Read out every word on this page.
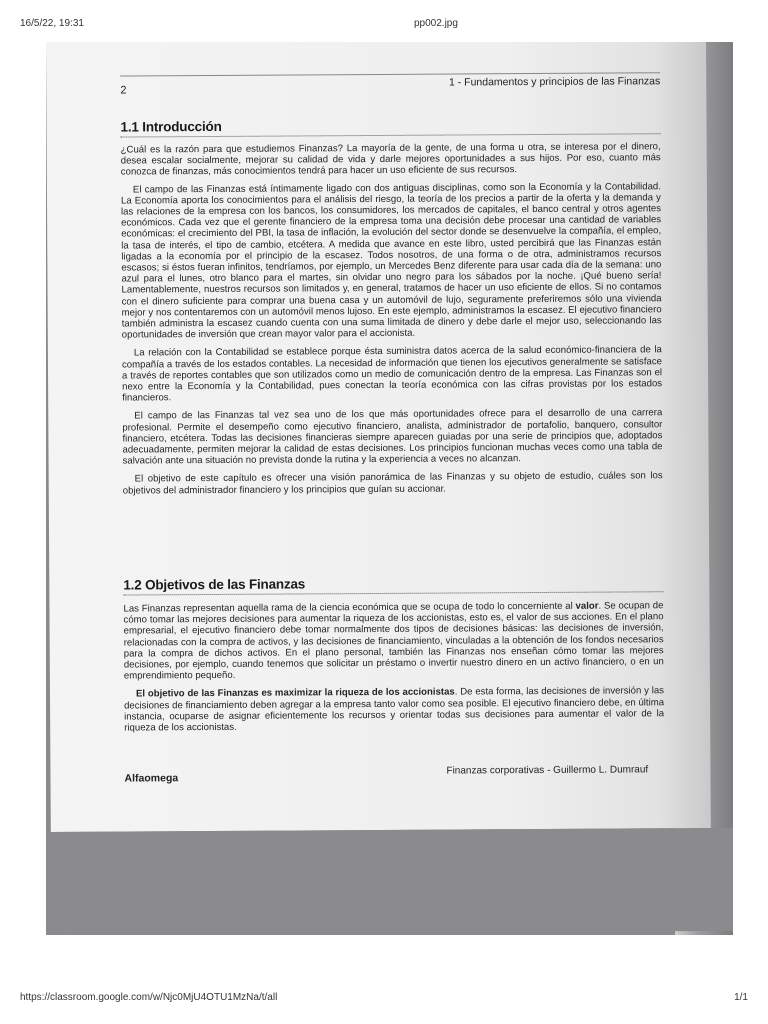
16/5/22, 19:31	pp002.jpg
2
1 - Fundamentos y principios de las Finanzas
1.1 Introducción

¿Cuál es la razón para que estudiemos Finanzas? La mayoría de la gente, de una forma u otra, se interesa por el dinero, desea escalar socialmente, mejorar su calidad de vida y darle mejores oportunidades a sus hijos. Por eso, cuanto más conozca de finanzas, más conocimientos tendrá para hacer un uso eficiente de sus recursos.

El campo de las Finanzas está íntimamente ligado con dos antiguas disciplinas, como son la Economía y la Contabilidad. La Economía aporta los conocimientos para el análisis del riesgo, la teoría de los precios a partir de la oferta y la demanda y las relaciones de la empresa con los bancos, los consumidores, los mercados de capitales, el banco central y otros agentes económicos. Cada vez que el gerente financiero de la empresa toma una decisión debe procesar una cantidad de variables económicas: el crecimiento del PBI, la tasa de inflación, la evolución del sector donde se desenvuelve la compañía, el empleo, la tasa de interés, el tipo de cambio, etcétera. A medida que avance en este libro, usted percibirá que las Finanzas están ligadas a la economía por el principio de la escasez. Todos nosotros, de una forma o de otra, administramos recursos escasos; si éstos fueran infinitos, tendríamos, por ejemplo, un Mercedes Benz diferente para usar cada día de la semana: uno azul para el lunes, otro blanco para el martes, sin olvidar uno negro para los sábados por la noche. ¡Qué bueno sería! Lamentablemente, nuestros recursos son limitados y, en general, tratamos de hacer un uso eficiente de ellos. Si no contamos con el dinero suficiente para comprar una buena casa y un automóvil de lujo, seguramente preferiremos sólo una vivienda mejor y nos contentaremos con un automóvil menos lujoso. En este ejemplo, administramos la escasez. El ejecutivo financiero también administra la escasez cuando cuenta con una suma limitada de dinero y debe darle el mejor uso, seleccionando las oportunidades de inversión que crean mayor valor para el accionista.

La relación con la Contabilidad se establece porque ésta suministra datos acerca de la salud económico-financiera de la compañía a través de los estados contables. La necesidad de información que tienen los ejecutivos generalmente se satisface a través de reportes contables que son utilizados como un medio de comunicación dentro de la empresa. Las Finanzas son el nexo entre la Economía y la Contabilidad, pues conectan la teoría económica con las cifras provistas por los estados financieros.

El campo de las Finanzas tal vez sea uno de los que más oportunidades ofrece para el desarrollo de una carrera profesional. Permite el desempeño como ejecutivo financiero, analista, administrador de portafolio, banquero, consultor financiero, etcétera. Todas las decisiones financieras siempre aparecen guiadas por una serie de principios que, adoptados adecuadamente, permiten mejorar la calidad de estas decisiones. Los principios funcionan muchas veces como una tabla de salvación ante una situación no prevista donde la rutina y la experiencia a veces no alcanzan.

El objetivo de este capítulo es ofrecer una visión panorámica de las Finanzas y su objeto de estudio, cuáles son los objetivos del administrador financiero y los principios que guían su accionar.

1.2 Objetivos de las Finanzas

Las Finanzas representan aquella rama de la ciencia económica que se ocupa de todo lo concerniente al valor. Se ocupan de cómo tomar las mejores decisiones para aumentar la riqueza de los accionistas, esto es, el valor de sus acciones. En el plano empresarial, el ejecutivo financiero debe tomar normalmente dos tipos de decisiones básicas: las decisiones de inversión, relacionadas con la compra de activos, y las decisiones de financiamiento, vinculadas a la obtención de los fondos necesarios para la compra de dichos activos. En el plano personal, también las Finanzas nos enseñan cómo tomar las mejores decisiones, por ejemplo, cuando tenemos que solicitar un préstamo o invertir nuestro dinero en un activo financiero, o en un emprendimiento pequeño.

El objetivo de las Finanzas es maximizar la riqueza de los accionistas. De esta forma, las decisiones de inversión y las decisiones de financiamiento deben agregar a la empresa tanto valor como sea posible. El ejecutivo financiero debe, en última instancia, ocuparse de asignar eficientemente los recursos y orientar todas sus decisiones para aumentar el valor de la riqueza de los accionistas.

Alfaomega
Finanzas corporativas - Guillermo L. Dumrauf
https://classroom.google.com/w/Njc0MjU4OTU1MzNa/t/all	1/1
